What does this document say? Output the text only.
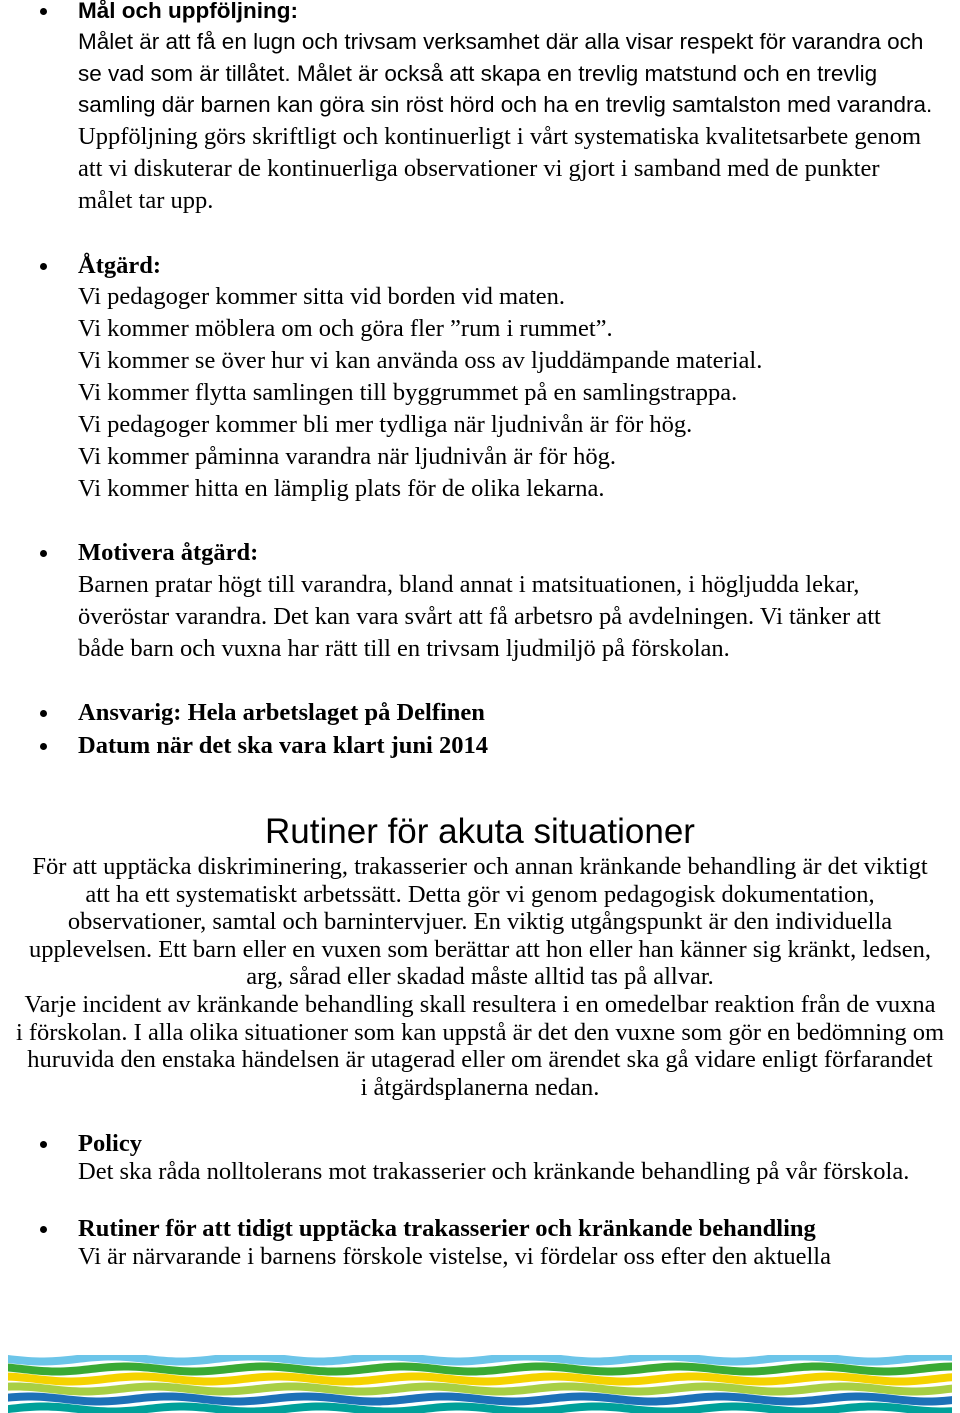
Mål och uppföljning:
Målet är att få en lugn och trivsam verksamhet där alla visar respekt för varandra och
se vad som är tillåtet. Målet är också att skapa en trevlig matstund och en trevlig
samling där barnen kan göra sin röst hörd och ha en trevlig samtalston med varandra.
Uppföljning görs skriftligt och kontinuerligt i vårt systematiska kvalitetsarbete genom
att vi diskuterar de kontinuerliga observationer vi gjort i samband med de punkter
målet tar upp.
Åtgärd:
Vi pedagoger kommer sitta vid borden vid maten.
Vi kommer möblera om och göra fler ”rum i rummet”.
Vi kommer se över hur vi kan använda oss av ljuddämpande material.
Vi kommer flytta samlingen till byggrummet på en samlingstrappa.
Vi pedagoger kommer bli mer tydliga när ljudnivån är för hög.
Vi kommer påminna varandra när ljudnivån är för hög.
Vi kommer hitta en lämplig plats för de olika lekarna.
Motivera åtgärd:
Barnen pratar högt till varandra, bland annat i matsituationen, i högljudda lekar,
överöstar varandra. Det kan vara svårt att få arbetsro på avdelningen. Vi tänker att
både barn och vuxna har rätt till en trivsam ljudmiljö på förskolan.
Ansvarig: Hela arbetslaget på Delfinen
Datum när det ska vara klart juni 2014
Rutiner för akuta situationer
För att upptäcka diskriminering, trakasserier och annan kränkande behandling är det viktigt
att ha ett systematiskt arbetssätt. Detta gör vi genom pedagogisk dokumentation,
observationer, samtal och barnintervjuer. En viktig utgångspunkt är den individuella
upplevelsen. Ett barn eller en vuxen som berättar att hon eller han känner sig kränkt, ledsen,
arg, sårad eller skadad måste alltid tas på allvar.
Varje incident av kränkande behandling skall resultera i en omedelbar reaktion från de vuxna
i förskolan. I alla olika situationer som kan uppstå är det den vuxne som gör en bedömning om
huruvida den enstaka händelsen är utagerad eller om ärendet ska gå vidare enligt förfarandet
i åtgärdsplanerna nedan.
Policy
Det ska råda nolltolerans mot trakasserier och kränkande behandling på vår förskola.
Rutiner för att tidigt upptäcka trakasserier och kränkande behandling
Vi är närvarande i barnens förskole vistelse, vi fördelar oss efter den aktuella
